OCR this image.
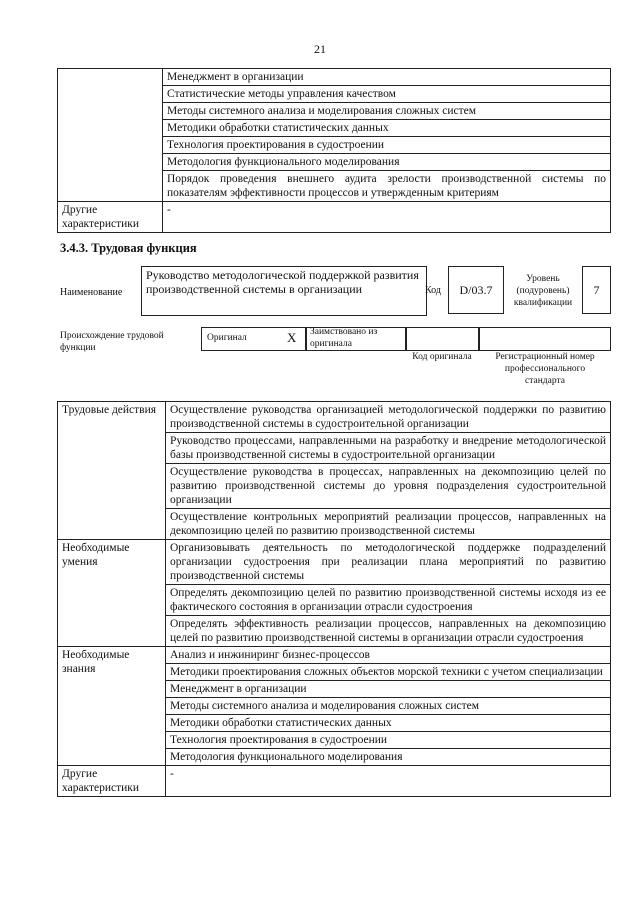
21
	Менеджмент в организации
	Статистические методы управления качеством
	Методы системного анализа и моделирования сложных систем
	Методики обработки статистических данных
	Технология проектирования в судостроении
	Методология функционального моделирования
	Порядок проведения внешнего аудита зрелости производственной системы по показателям эффективности процессов и утвержденным критериям
Другие характеристики	-
3.4.3. Трудовая функция
Наименование
Руководство методологической поддержкой развития производственной системы в организации	Код	D/03.7
Уровень (подуровень) квалификации
7
Происхождение трудовой функции
Оригинал	X Заимствовано из оригинала
Код оригинала	Регистрационный номер профессионального стандарта
Трудовые действия	Осуществление руководства организацией методологической поддержки по развитию производственной системы в судостроительной организации
	Руководство процессами, направленными на разработку и внедрение методологической базы производственной системы в судостроительной организации
	Осуществление руководства в процессах, направленных на декомпозицию целей по развитию производственной системы до уровня подразделения судостроительной организации
	Осуществление контрольных мероприятий реализации процессов, направленных на декомпозицию целей по развитию производственной системы
Необходимые умения	Организовывать деятельность по методологической поддержке подразделений организации судостроения при реализации плана мероприятий по развитию производственной системы
	Определять декомпозицию целей по развитию производственной системы исходя из ее фактического состояния в организации отрасли судостроения
	Определять эффективность реализации процессов, направленных на декомпозицию целей по развитию производственной системы в организации отрасли судостроения
Необходимые знания	Анализ и инжиниринг бизнес-процессов
	Методики проектирования сложных объектов морской техники с учетом специализации
	Менеджмент в организации
	Методы системного анализа и моделирования сложных систем
	Методики обработки статистических данных
	Технология проектирования в судостроении
	Методология функционального моделирования
Другие характеристики	-
